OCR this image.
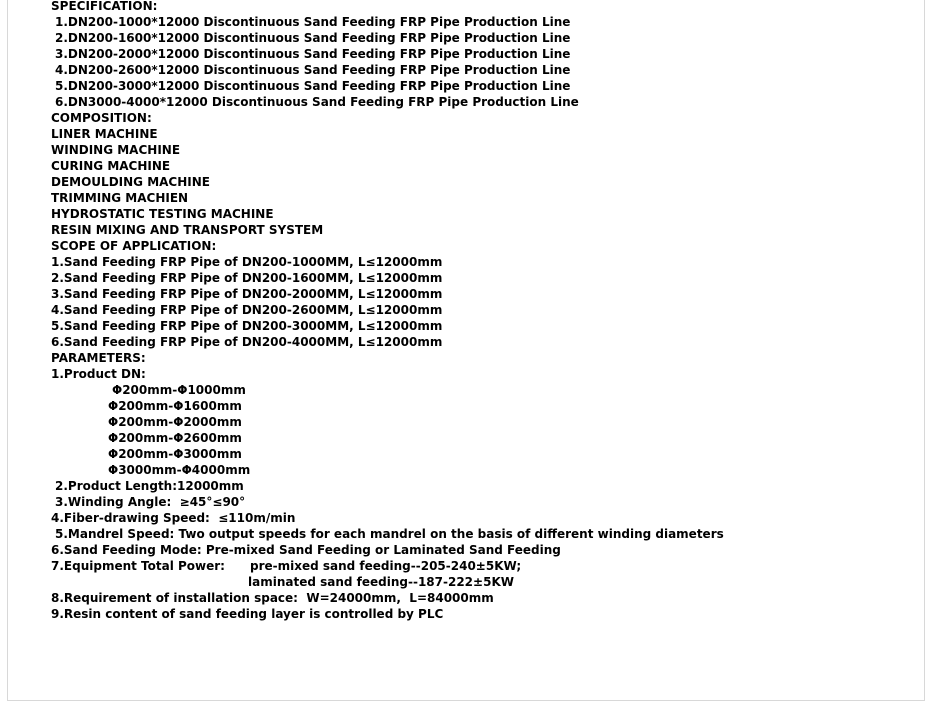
SPECIFICATION:
1.DN200-1000*12000 Discontinuous Sand Feeding FRP Pipe Production Line
2.DN200-1600*12000 Discontinuous Sand Feeding FRP Pipe Production Line
3.DN200-2000*12000 Discontinuous Sand Feeding FRP Pipe Production Line
4.DN200-2600*12000 Discontinuous Sand Feeding FRP Pipe Production Line
5.DN200-3000*12000 Discontinuous Sand Feeding FRP Pipe Production Line
6.DN3000-4000*12000 Discontinuous Sand Feeding FRP Pipe Production Line
COMPOSITION:
LINER MACHINE
WINDING MACHINE
CURING MACHINE
DEMOULDING MACHINE
TRIMMING MACHIEN
HYDROSTATIC TESTING MACHINE
RESIN MIXING AND TRANSPORT SYSTEM
SCOPE OF APPLICATION:
1.Sand Feeding FRP Pipe of DN200-1000MM, L≤12000mm
2.Sand Feeding FRP Pipe of DN200-1600MM, L≤12000mm
3.Sand Feeding FRP Pipe of DN200-2000MM, L≤12000mm
4.Sand Feeding FRP Pipe of DN200-2600MM, L≤12000mm
5.Sand Feeding FRP Pipe of DN200-3000MM, L≤12000mm
6.Sand Feeding FRP Pipe of DN200-4000MM, L≤12000mm
PARAMETERS:
1.Product DN:
Φ200mm-Φ1000mm
Φ200mm-Φ1600mm
Φ200mm-Φ2000mm
Φ200mm-Φ2600mm
Φ200mm-Φ3000mm
Φ3000mm-Φ4000mm
2.Product Length:12000mm
3.Winding Angle:  ≥45°≤90°
4.Fiber-drawing Speed:  ≤110m/min
5.Mandrel Speed: Two output speeds for each mandrel on the basis of different winding diameters
6.Sand Feeding Mode: Pre-mixed Sand Feeding or Laminated Sand Feeding
7.Equipment Total Power: pre-mixed sand feeding--205-240±5KW;
laminated sand feeding--187-222±5KW
8.Requirement of installation space:  W=24000mm,  L=84000mm
9.Resin content of sand feeding layer is controlled by PLC
